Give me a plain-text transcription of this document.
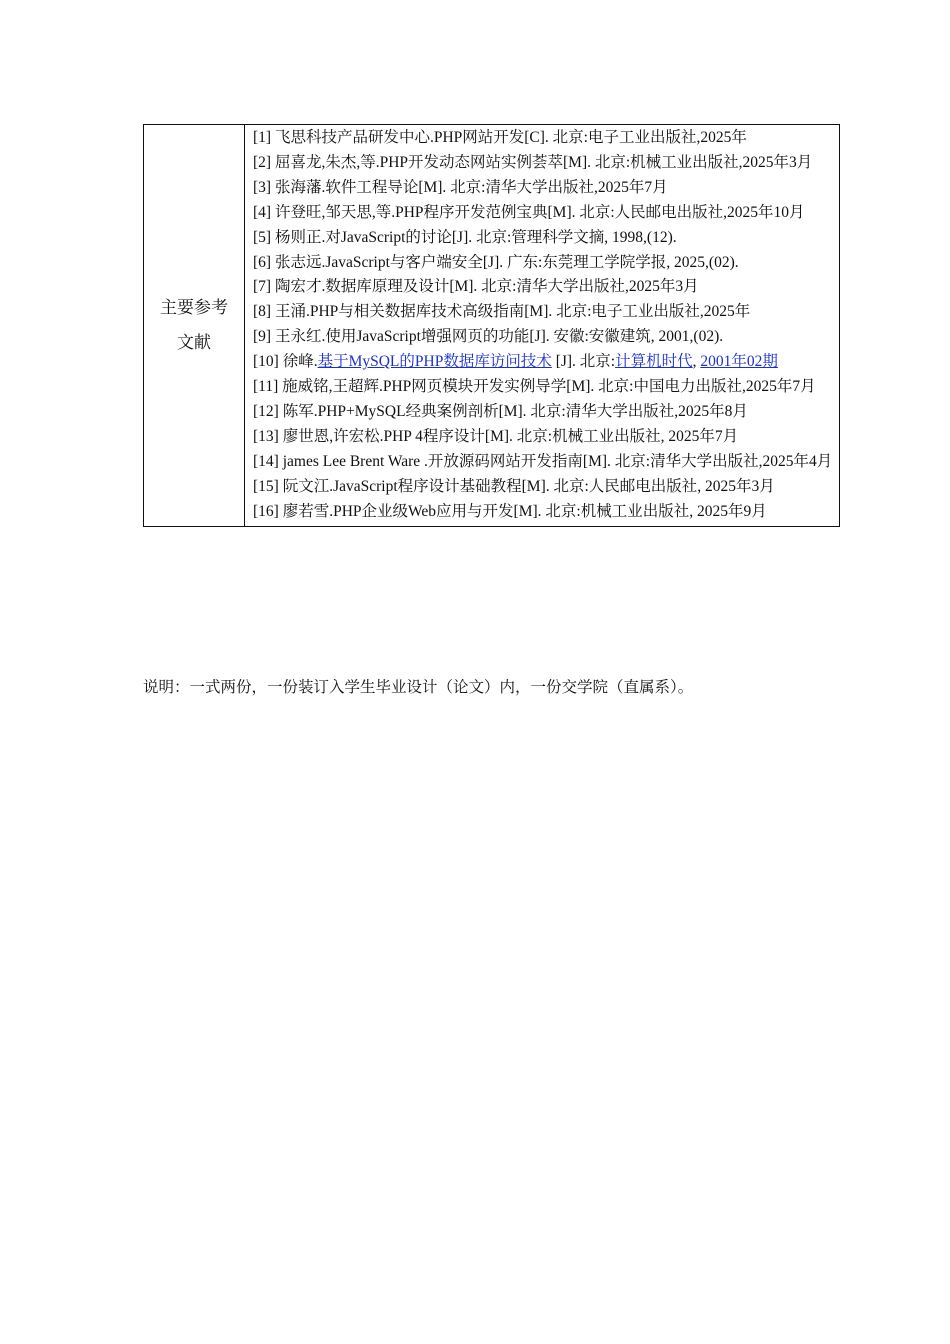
主要参考
文献

[1] 飞思科技产品研发中心.PHP网站开发[C]. 北京:电子工业出版社,2025年
[2] 屈喜龙,朱杰,等.PHP开发动态网站实例荟萃[M]. 北京:机械工业出版社,2025年3月
[3] 张海藩.软件工程导论[M]. 北京:清华大学出版社,2025年7月
[4] 许登旺,邹天思,等.PHP程序开发范例宝典[M]. 北京:人民邮电出版社,2025年10月
[5] 杨则正.对JavaScript的讨论[J]. 北京:管理科学文摘, 1998,(12).
[6] 张志远.JavaScript与客户端安全[J]. 广东:东莞理工学院学报, 2025,(02).
[7] 陶宏才.数据库原理及设计[M]. 北京:清华大学出版社,2025年3月
[8] 王涌.PHP与相关数据库技术高级指南[M]. 北京:电子工业出版社,2025年
[9] 王永红.使用JavaScript增强网页的功能[J]. 安徽:安徽建筑, 2001,(02).
[10] 徐峰.基于MySQL的PHP数据库访问技术 [J]. 北京:计算机时代, 2001年02期
[11] 施威铭,王超辉.PHP网页模块开发实例导学[M]. 北京:中国电力出版社,2025年7月
[12] 陈军.PHP+MySQL经典案例剖析[M]. 北京:清华大学出版社,2025年8月
[13] 廖世恩,许宏松.PHP 4程序设计[M]. 北京:机械工业出版社, 2025年7月
[14] james Lee Brent Ware .开放源码网站开发指南[M]. 北京:清华大学出版社,2025年4月
[15] 阮文江.JavaScript程序设计基础教程[M]. 北京:人民邮电出版社, 2025年3月
[16] 廖若雪.PHP企业级Web应用与开发[M]. 北京:机械工业出版社, 2025年9月
说明：一式两份，一份装订入学生毕业设计（论文）内，一份交学院（直属系）。
